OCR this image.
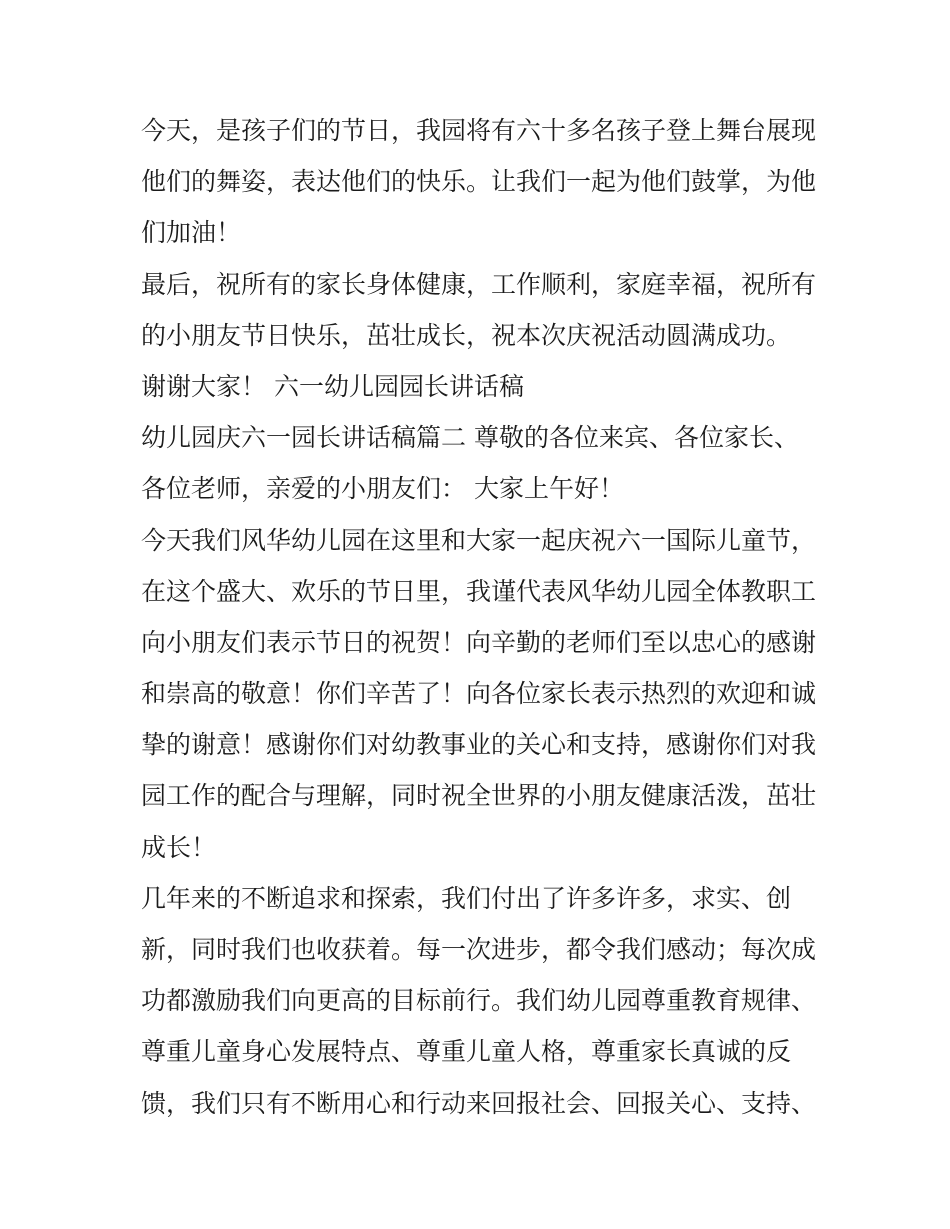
今天，是孩子们的节日，我园将有六十多名孩子登上舞台展现
他们的舞姿，表达他们的快乐。让我们一起为他们鼓掌，为他
们加油！
最后，祝所有的家长身体健康，工作顺利，家庭幸福，祝所有
的小朋友节日快乐，茁壮成长，祝本次庆祝活动圆满成功。
谢谢大家！ 六一幼儿园园长讲话稿
幼儿园庆六一园长讲话稿篇二 尊敬的各位来宾、各位家长、
各位老师，亲爱的小朋友们： 大家上午好！
今天我们风华幼儿园在这里和大家一起庆祝六一国际儿童节，
在这个盛大、欢乐的节日里，我谨代表风华幼儿园全体教职工
向小朋友们表示节日的祝贺！向辛勤的老师们至以忠心的感谢
和崇高的敬意！你们辛苦了！向各位家长表示热烈的欢迎和诚
挚的谢意！感谢你们对幼教事业的关心和支持，感谢你们对我
园工作的配合与理解，同时祝全世界的小朋友健康活泼，茁壮
成长！
几年来的不断追求和探索，我们付出了许多许多，求实、创
新，同时我们也收获着。每一次进步，都令我们感动；每次成
功都激励我们向更高的目标前行。我们幼儿园尊重教育规律、
尊重儿童身心发展特点、尊重儿童人格，尊重家长真诚的反
馈，我们只有不断用心和行动来回报社会、回报关心、支持、
